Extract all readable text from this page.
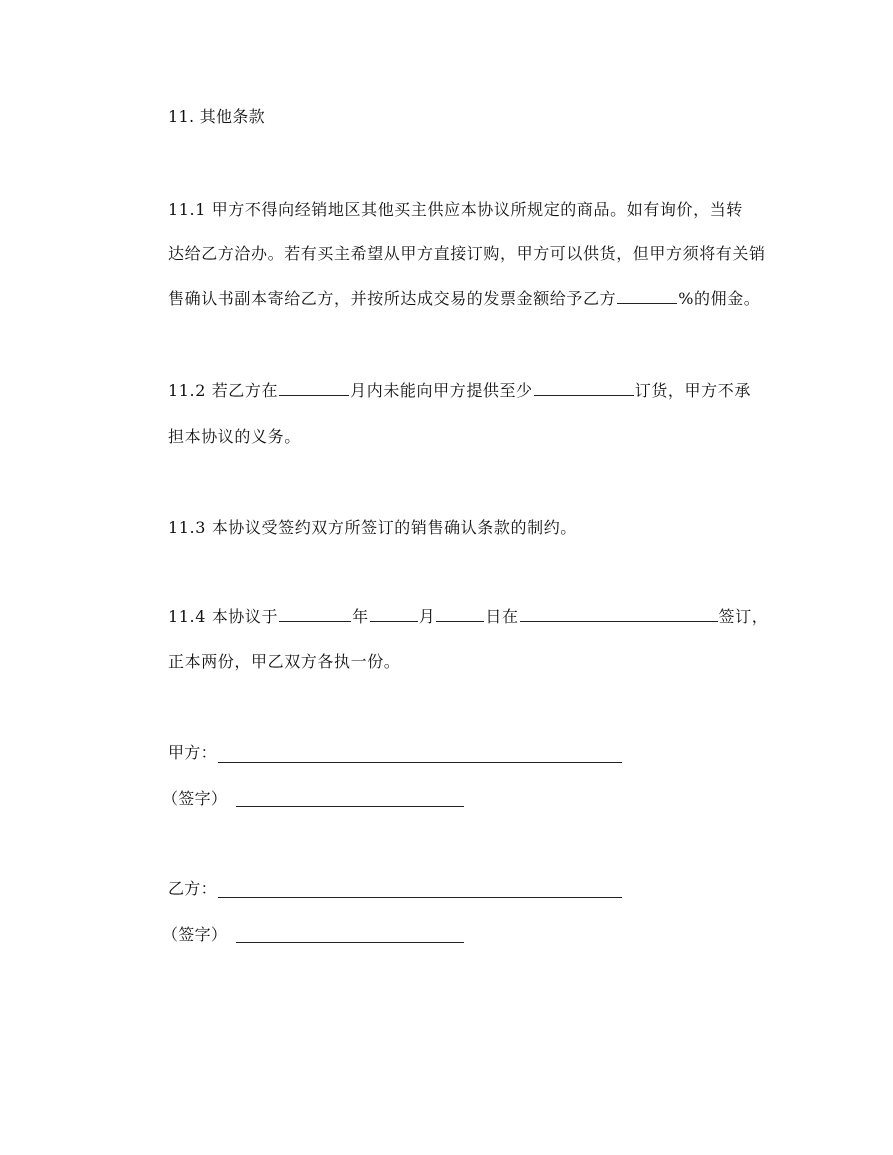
11. 其他条款
11.1 甲方不得向经销地区其他买主供应本协议所规定的商品。如有询价，当转
达给乙方洽办。若有买主希望从甲方直接订购，甲方可以供货，但甲方须将有关销
售确认书副本寄给乙方，并按所达成交易的发票金额给予乙方	%的佣金。
11.2 若乙方在	月内未能向甲方提供至少	订货，甲方不承
担本协议的义务。
11.3 本协议受签约双方所签订的销售确认条款的制约。
11.4 本协议于	年	月	日在	签订，
正本两份，甲乙双方各执一份。
甲方：
（签字）
乙方：
（签字）
